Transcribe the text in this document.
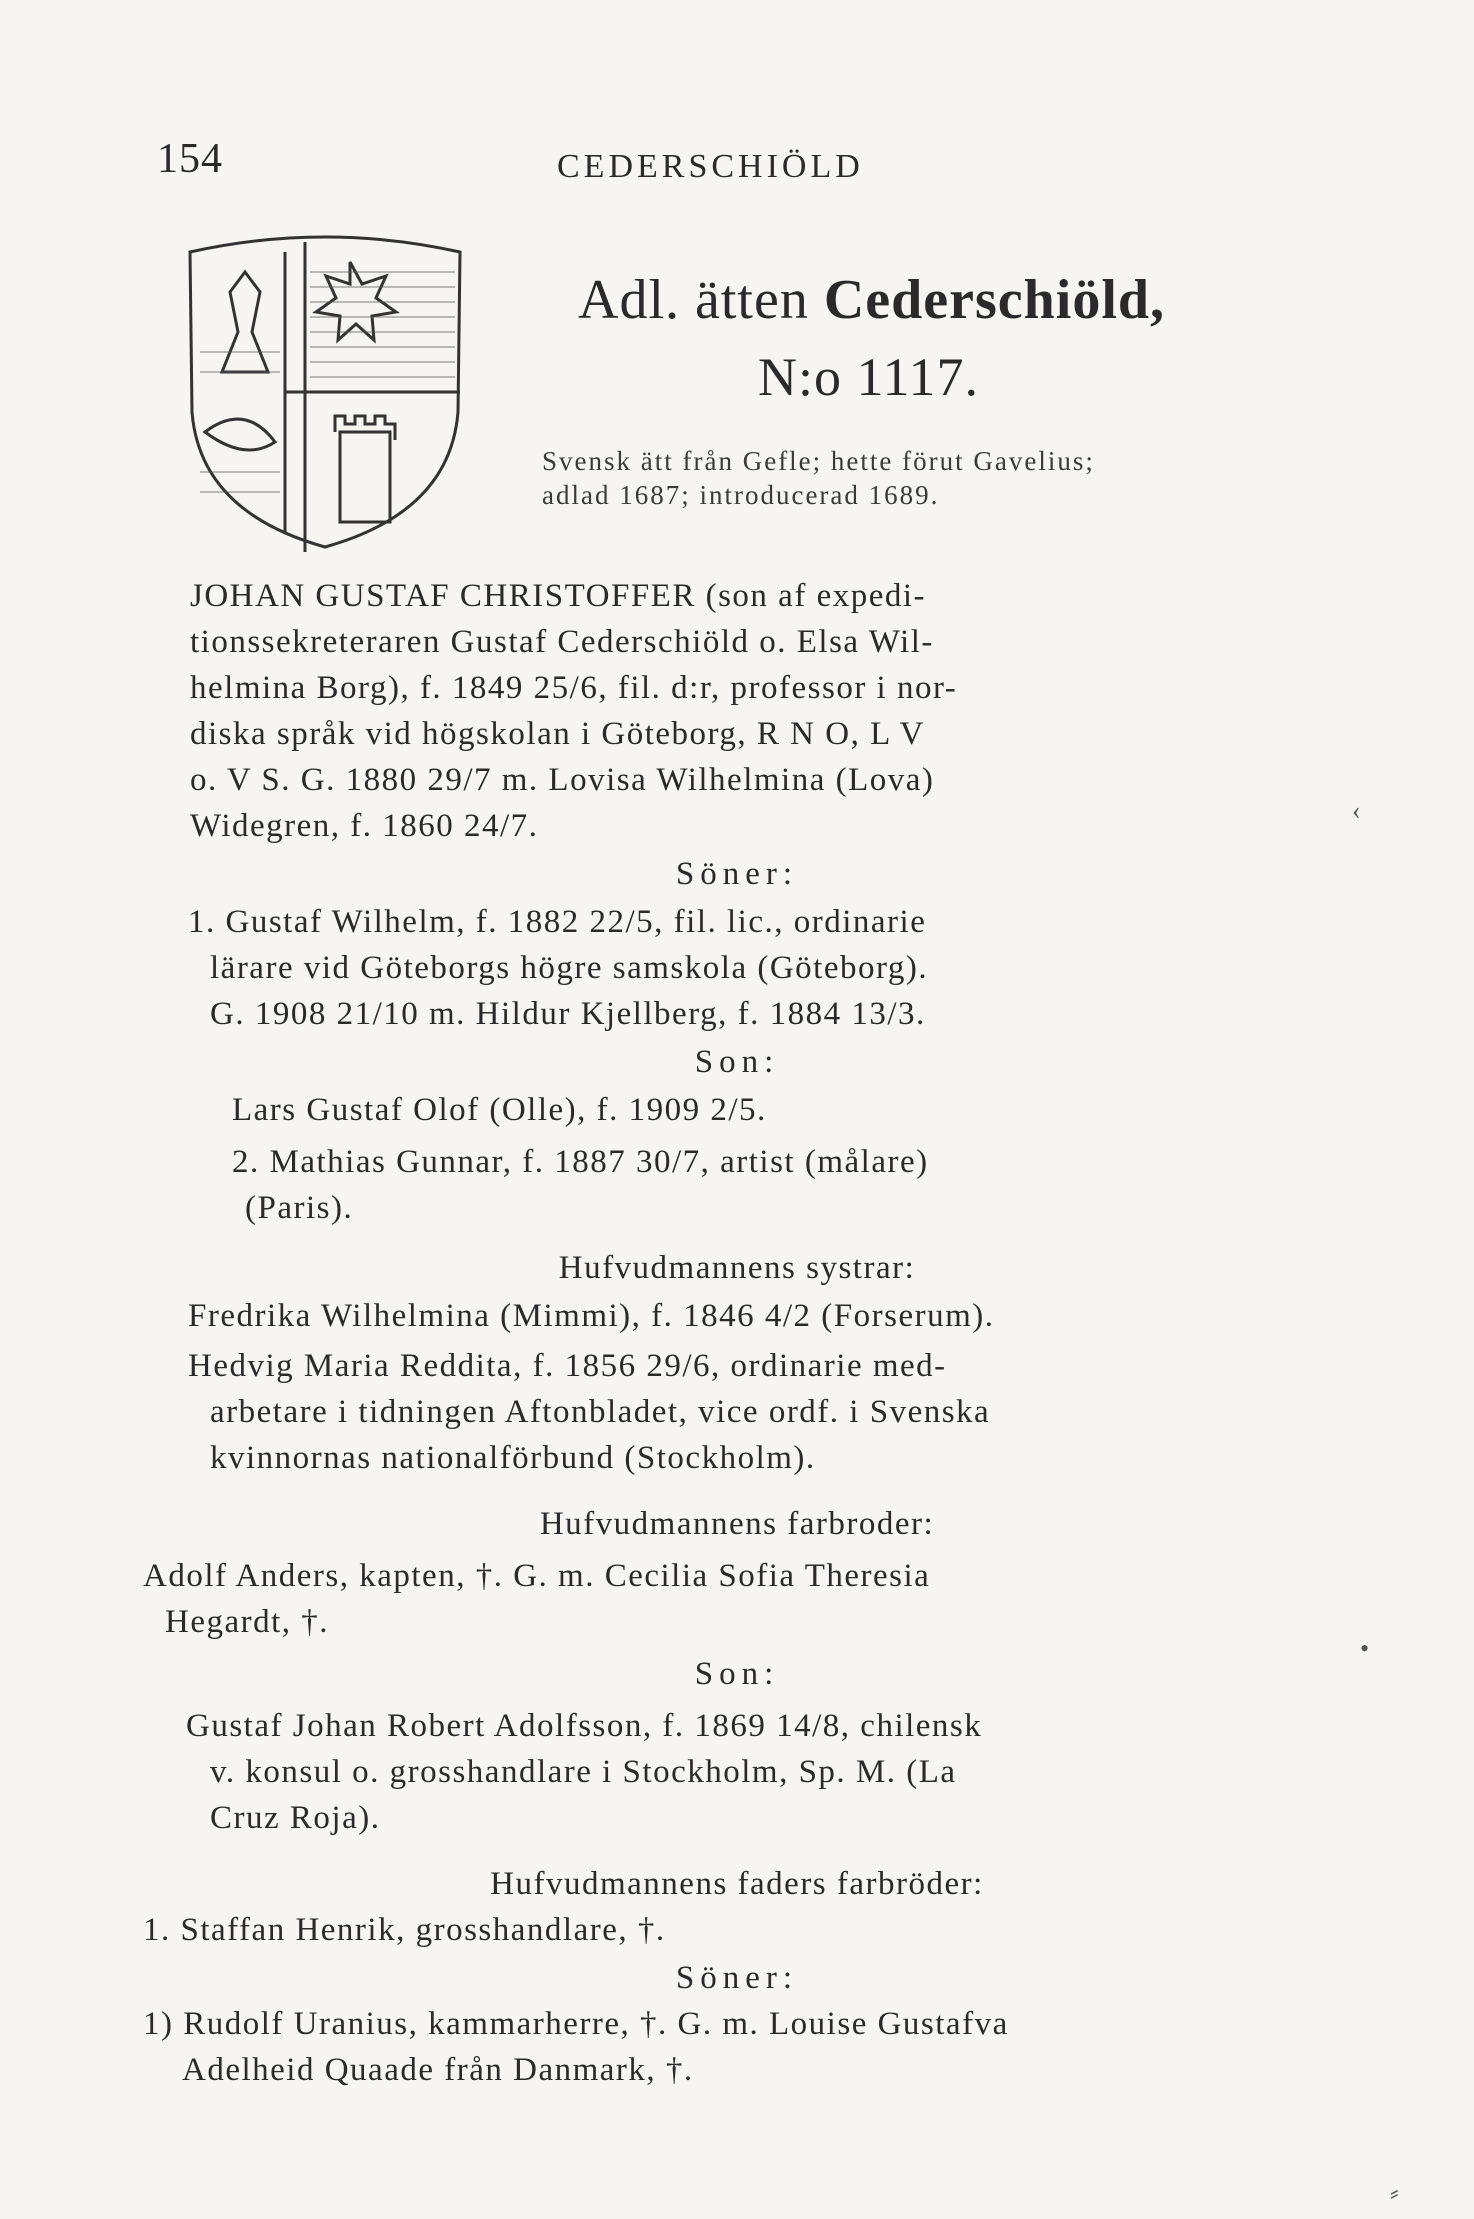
154	CEDERSCHIÖLD
Adl. ätten Cederschiöld,
N:o 1117.
Svensk ätt från Gefle; hette förut Gavelius;
adlad 1687; introducerad 1689.
JOHAN GUSTAF CHRISTOFFER (son af expedi-
tionssekreteraren Gustaf Cederschiöld o. Elsa Wil-
helmina Borg), f. 1849 25/6, fil. d:r, professor i nor-
diska språk vid högskolan i Göteborg, R N O, L V
o. V S. G. 1880 29/7 m. Lovisa Wilhelmina (Lova)
Widegren, f. 1860 24/7.
Söner:
1. Gustaf Wilhelm, f. 1882 22/5, fil. lic., ordinarie
lärare vid Göteborgs högre samskola (Göteborg).
G. 1908 21/10 m. Hildur Kjellberg, f. 1884 13/3.
Son:
Lars Gustaf Olof (Olle), f. 1909 2/5.
2. Mathias Gunnar, f. 1887 30/7, artist (målare)
(Paris).
Hufvudmannens systrar:
Fredrika Wilhelmina (Mimmi), f. 1846 4/2 (Forserum).
Hedvig Maria Reddita, f. 1856 29/6, ordinarie med-
arbetare i tidningen Aftonbladet, vice ordf. i Svenska
kvinnornas nationalförbund (Stockholm).
Hufvudmannens farbroder:
Adolf Anders, kapten, †. G. m. Cecilia Sofia Theresia
Hegardt, †.
Son:
Gustaf Johan Robert Adolfsson, f. 1869 14/8, chilensk
v. konsul o. grosshandlare i Stockholm, Sp. M. (La
Cruz Roja).
Hufvudmannens faders farbröder:
1. Staffan Henrik, grosshandlare, †.
Söner:
1) Rudolf Uranius, kammarherre, †. G. m. Louise Gustafva
Adelheid Quaade från Danmark, †.
‹
•
⸗
